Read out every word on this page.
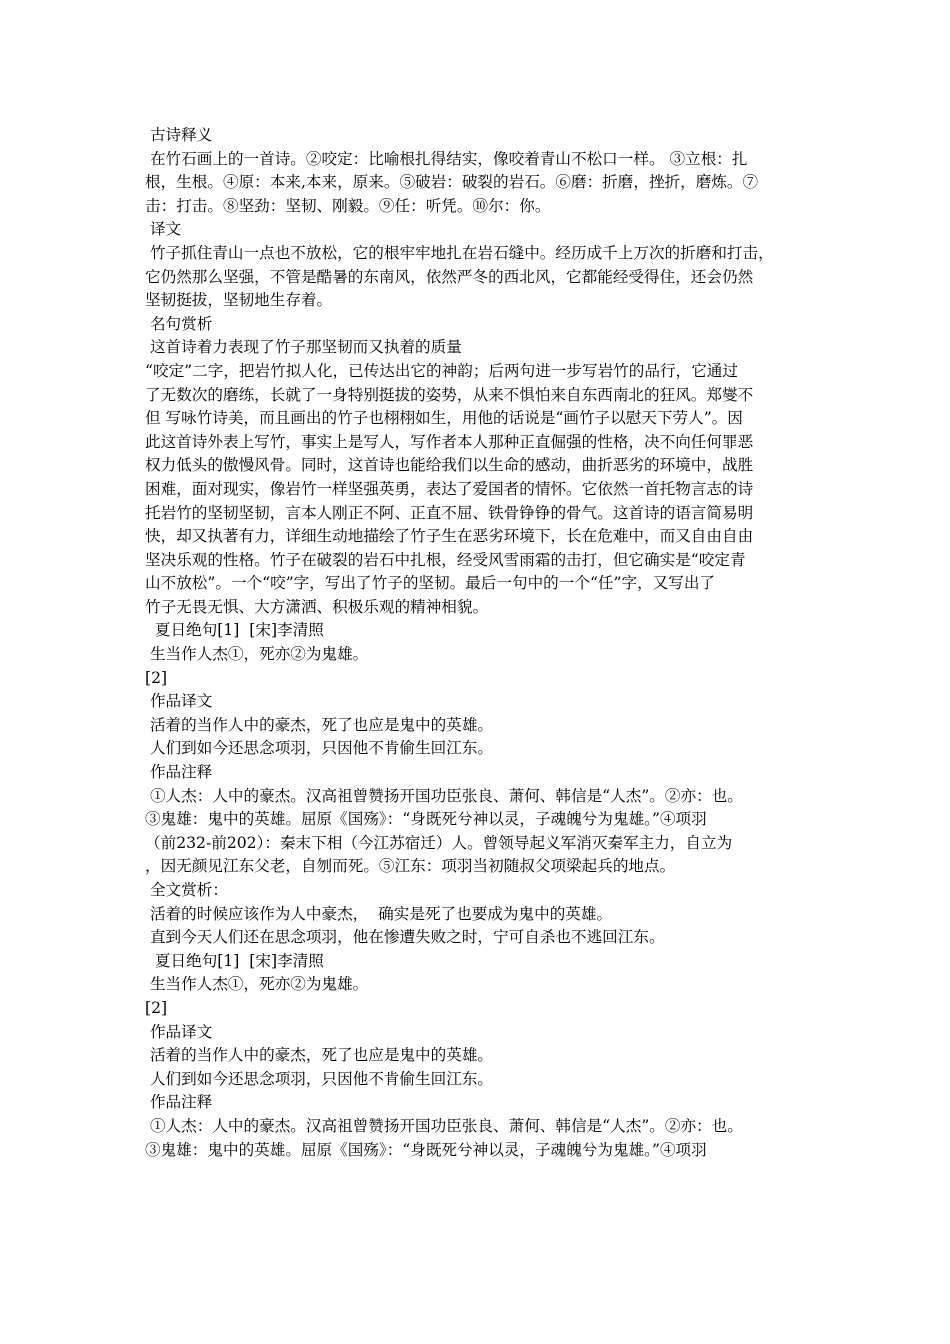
古诗释义
在竹石画上的一首诗。②咬定：比喻根扎得结实，像咬着青山不松口一样。 ③立根：扎
根，生根。④原：本来,本来，原来。⑤破岩：破裂的岩石。⑥磨：折磨，挫折，磨炼。⑦
击：打击。⑧坚劲：坚韧、刚毅。⑨任：听凭。⑩尔：你。
译文
竹子抓住青山一点也不放松，它的根牢牢地扎在岩石缝中。经历成千上万次的折磨和打击，
它仍然那么坚强，不管是酷暑的东南风，依然严冬的西北风，它都能经受得住，还会仍然
坚韧挺拔，坚韧地生存着。
名句赏析
这首诗着力表现了竹子那坚韧而又执着的质量
“咬定”二字，把岩竹拟人化，已传达出它的神韵；后两句进一步写岩竹的品行，它通过
了无数次的磨练，长就了一身特别挺拔的姿势，从来不惧怕来自东西南北的狂风。郑燮不
但 写咏竹诗美，而且画出的竹子也栩栩如生，用他的话说是“画竹子以慰天下劳人”。因
此这首诗外表上写竹，事实上是写人，写作者本人那种正直倔强的性格，决不向任何罪恶
权力低头的傲慢风骨。同时，这首诗也能给我们以生命的感动，曲折恶劣的环境中，战胜
困难，面对现实，像岩竹一样坚强英勇，表达了爱国者的情怀。它依然一首托物言志的诗
托岩竹的坚韧坚韧，言本人刚正不阿、正直不屈、铁骨铮铮的骨气。这首诗的语言简易明
快，却又执著有力，详细生动地描绘了竹子生在恶劣环境下，长在危难中，而又自由自由
坚决乐观的性格。竹子在破裂的岩石中扎根，经受风雪雨霜的击打，但它确实是“咬定青
山不放松”。一个“咬”字，写出了竹子的坚韧。最后一句中的一个“任”字，又写出了
竹子无畏无惧、大方潇洒、积极乐观的精神相貌。
夏日绝句[1]  [宋]李清照
生当作人杰①，死亦②为鬼雄。
[2]
作品译文
活着的当作人中的豪杰，死了也应是鬼中的英雄。
人们到如今还思念项羽，只因他不肯偷生回江东。
作品注释
①人杰：人中的豪杰。汉高祖曾赞扬开国功臣张良、萧何、韩信是“人杰”。②亦：也。
③鬼雄：鬼中的英雄。屈原《国殇》：“身既死兮神以灵，子魂魄兮为鬼雄。”④项羽
（前232-前202）：秦末下相（今江苏宿迁）人。曾领导起义军消灭秦军主力，自立为
，因无颜见江东父老，自刎而死。⑤江东：项羽当初随叔父项梁起兵的地点。
全文赏析：
活着的时候应该作为人中豪杰，  确实是死了也要成为鬼中的英雄。
直到今天人们还在思念项羽，他在惨遭失败之时，宁可自杀也不逃回江东。
夏日绝句[1]  [宋]李清照
生当作人杰①，死亦②为鬼雄。
[2]
作品译文
活着的当作人中的豪杰，死了也应是鬼中的英雄。
人们到如今还思念项羽，只因他不肯偷生回江东。
作品注释
①人杰：人中的豪杰。汉高祖曾赞扬开国功臣张良、萧何、韩信是“人杰”。②亦：也。
③鬼雄：鬼中的英雄。屈原《国殇》：“身既死兮神以灵，子魂魄兮为鬼雄。”④项羽
